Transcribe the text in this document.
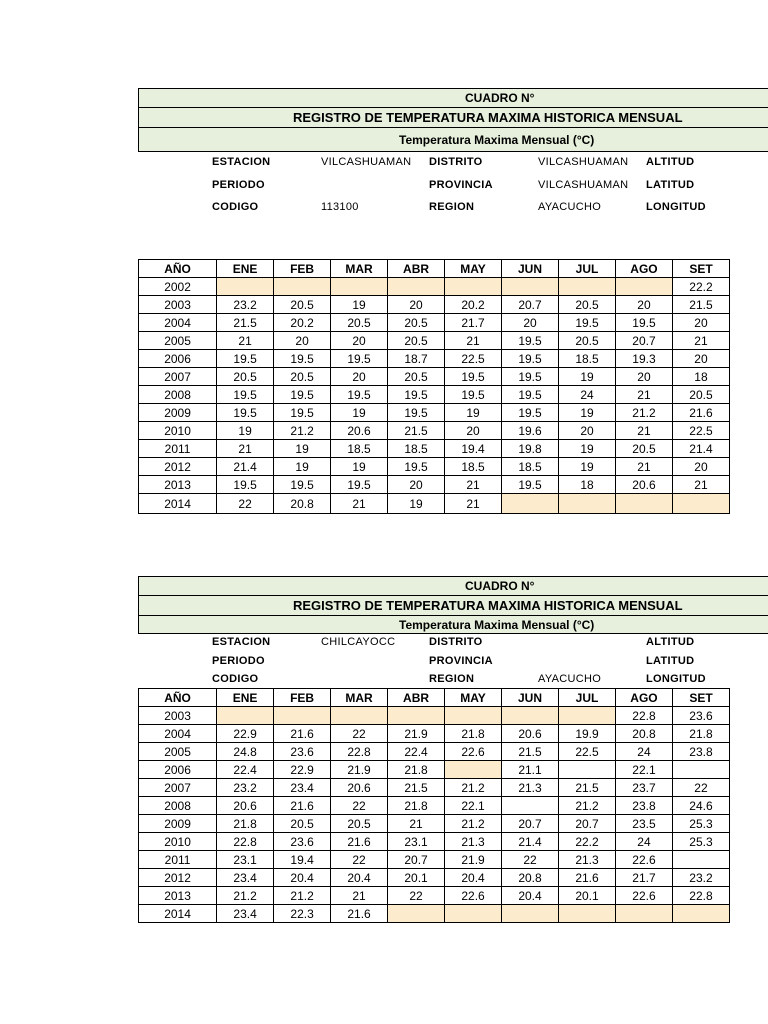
CUADRO N°
REGISTRO DE TEMPERATURA MAXIMA HISTORICA MENSUAL
Temperatura Maxima Mensual (°C)
ESTACION	VILCASHUAMAN DISTRITO	VILCASHUAMAN ALTITUD
PERIODO	PROVINCIA	VILCASHUAMAN LATITUD
CODIGO	113100	REGION	AYACUCHO	LONGITUD
AÑO	ENE	FEB	MAR	ABR	MAY	JUN	JUL	AGO	SET
2002									22.2
2003	23.2	20.5	19	20	20.2	20.7	20.5	20	21.5
2004	21.5	20.2	20.5	20.5	21.7	20	19.5	19.5	20
2005	21	20	20	20.5	21	19.5	20.5	20.7	21
2006	19.5	19.5	19.5	18.7	22.5	19.5	18.5	19.3	20
2007	20.5	20.5	20	20.5	19.5	19.5	19	20	18
2008	19.5	19.5	19.5	19.5	19.5	19.5	24	21	20.5
2009	19.5	19.5	19	19.5	19	19.5	19	21.2	21.6
2010	19	21.2	20.6	21.5	20	19.6	20	21	22.5
2011	21	19	18.5	18.5	19.4	19.8	19	20.5	21.4
2012	21.4	19	19	19.5	18.5	18.5	19	21	20
2013	19.5	19.5	19.5	20	21	19.5	18	20.6	21
2014	22	20.8	21	19	21				
CUADRO N°
REGISTRO DE TEMPERATURA MAXIMA HISTORICA MENSUAL
Temperatura Maxima Mensual (°C)
ESTACION	CHILCAYOCC	DISTRITO	ALTITUD
PERIODO	PROVINCIA	LATITUD
CODIGO	REGION	AYACUCHO	LONGITUD
AÑO	ENE	FEB	MAR	ABR	MAY	JUN	JUL	AGO	SET
2003								22.8	23.6
2004	22.9	21.6	22	21.9	21.8	20.6	19.9	20.8	21.8
2005	24.8	23.6	22.8	22.4	22.6	21.5	22.5	24	23.8
2006	22.4	22.9	21.9	21.8		21.1		22.1	
2007	23.2	23.4	20.6	21.5	21.2	21.3	21.5	23.7	22
2008	20.6	21.6	22	21.8	22.1		21.2	23.8	24.6
2009	21.8	20.5	20.5	21	21.2	20.7	20.7	23.5	25.3
2010	22.8	23.6	21.6	23.1	21.3	21.4	22.2	24	25.3
2011	23.1	19.4	22	20.7	21.9	22	21.3	22.6	
2012	23.4	20.4	20.4	20.1	20.4	20.8	21.6	21.7	23.2
2013	21.2	21.2	21	22	22.6	20.4	20.1	22.6	22.8
2014	23.4	22.3	21.6						
